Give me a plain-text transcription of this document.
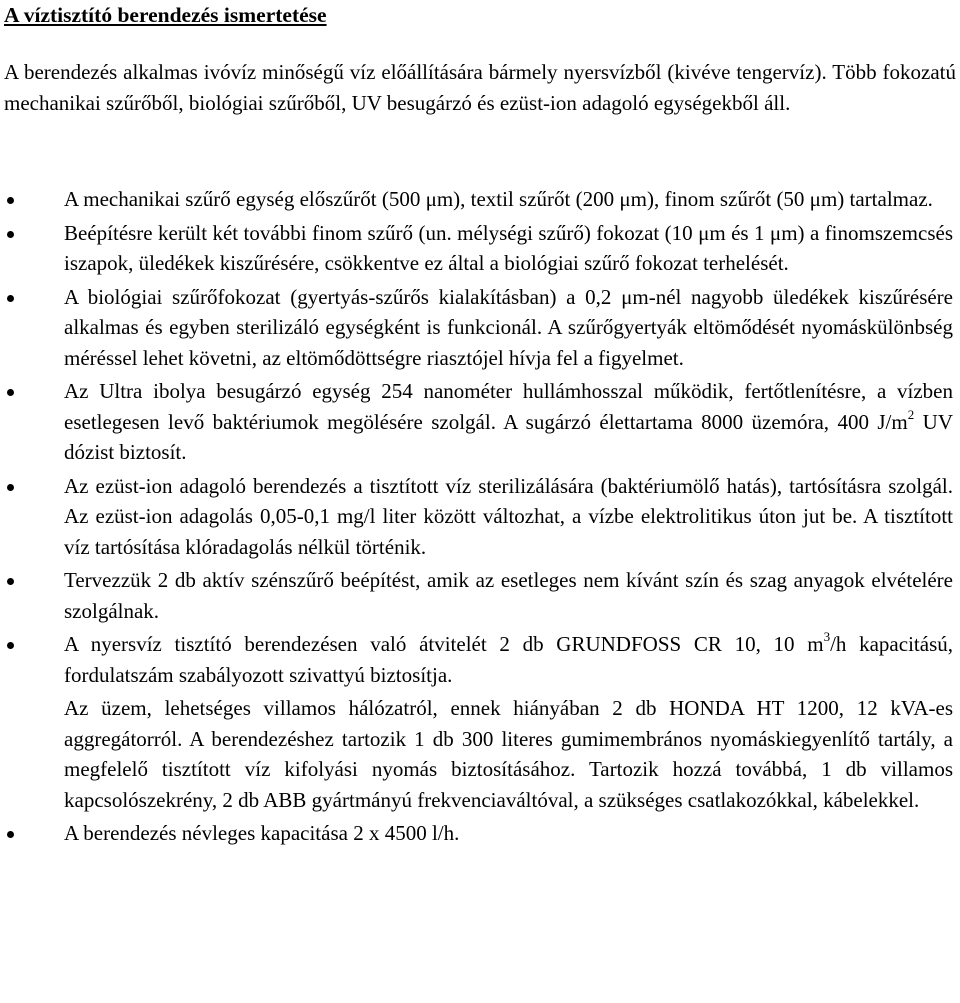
A víztisztító berendezés ismertetése

A berendezés alkalmas ivóvíz minőségű víz előállítására bármely nyersvízből (kivéve tengervíz). Több fokozatú mechanikai szűrőből, biológiai szűrőből, UV besugárzó és ezüst-ion adagoló egységekből áll.

A mechanikai szűrő egység előszűrőt (500 μm), textil szűrőt (200 μm), finom szűrőt (50 μm) tartalmaz.
Beépítésre került két további finom szűrő (un. mélységi szűrő) fokozat (10 μm és 1 μm) a finomszemcsés iszapok, üledékek kiszűrésére, csökkentve ez által a biológiai szűrő fokozat terhelését.
A biológiai szűrőfokozat (gyertyás-szűrős kialakításban) a 0,2 μm-nél nagyobb üledékek kiszűrésére alkalmas és egyben sterilizáló egységként is funkcionál. A szűrőgyertyák eltömődését nyomáskülönbség méréssel lehet követni, az eltömődöttségre riasztójel hívja fel a figyelmet.
Az Ultra ibolya besugárzó egység 254 nanométer hullámhosszal működik, fertőtlenítésre, a vízben esetlegesen levő baktériumok megölésére szolgál. A sugárzó élettartama 8000 üzemóra, 400 $J/m^2$ UV dózist biztosít.
Az ezüst-ion adagoló berendezés a tisztított víz sterilizálására (baktériumölő hatás), tartósításra szolgál. Az ezüst-ion adagolás 0,05-0,1 mg/l liter között változhat, a vízbe elektrolitikus úton jut be. A tisztított víz tartósítása klóradagolás nélkül történik.
Tervezzük 2 db aktív szénszűrő beépítést, amik az esetleges nem kívánt szín és szag anyagok elvételére szolgálnak.
A nyersvíz tisztító berendezésen való átvitelét 2 db GRUNDFOSS CR 10, 10 $m^3/h$ kapacitású, fordulatszám szabályozott szivattyú biztosítja.
Az üzem, lehetséges villamos hálózatról, ennek hiányában 2 db HONDA HT 1200, 12 kVA-es aggregátorról. A berendezéshez tartozik 1 db 300 literes gumimembrános nyomáskiegyenlítő tartály, a megfelelő tisztított víz kifolyási nyomás biztosításához. Tartozik hozzá továbbá, 1 db villamos kapcsolószekrény, 2 db ABB gyártmányú frekvenciaváltóval, a szükséges csatlakozókkal, kábelekkel.
A berendezés névleges kapacitása 2 x 4500 l/h.
